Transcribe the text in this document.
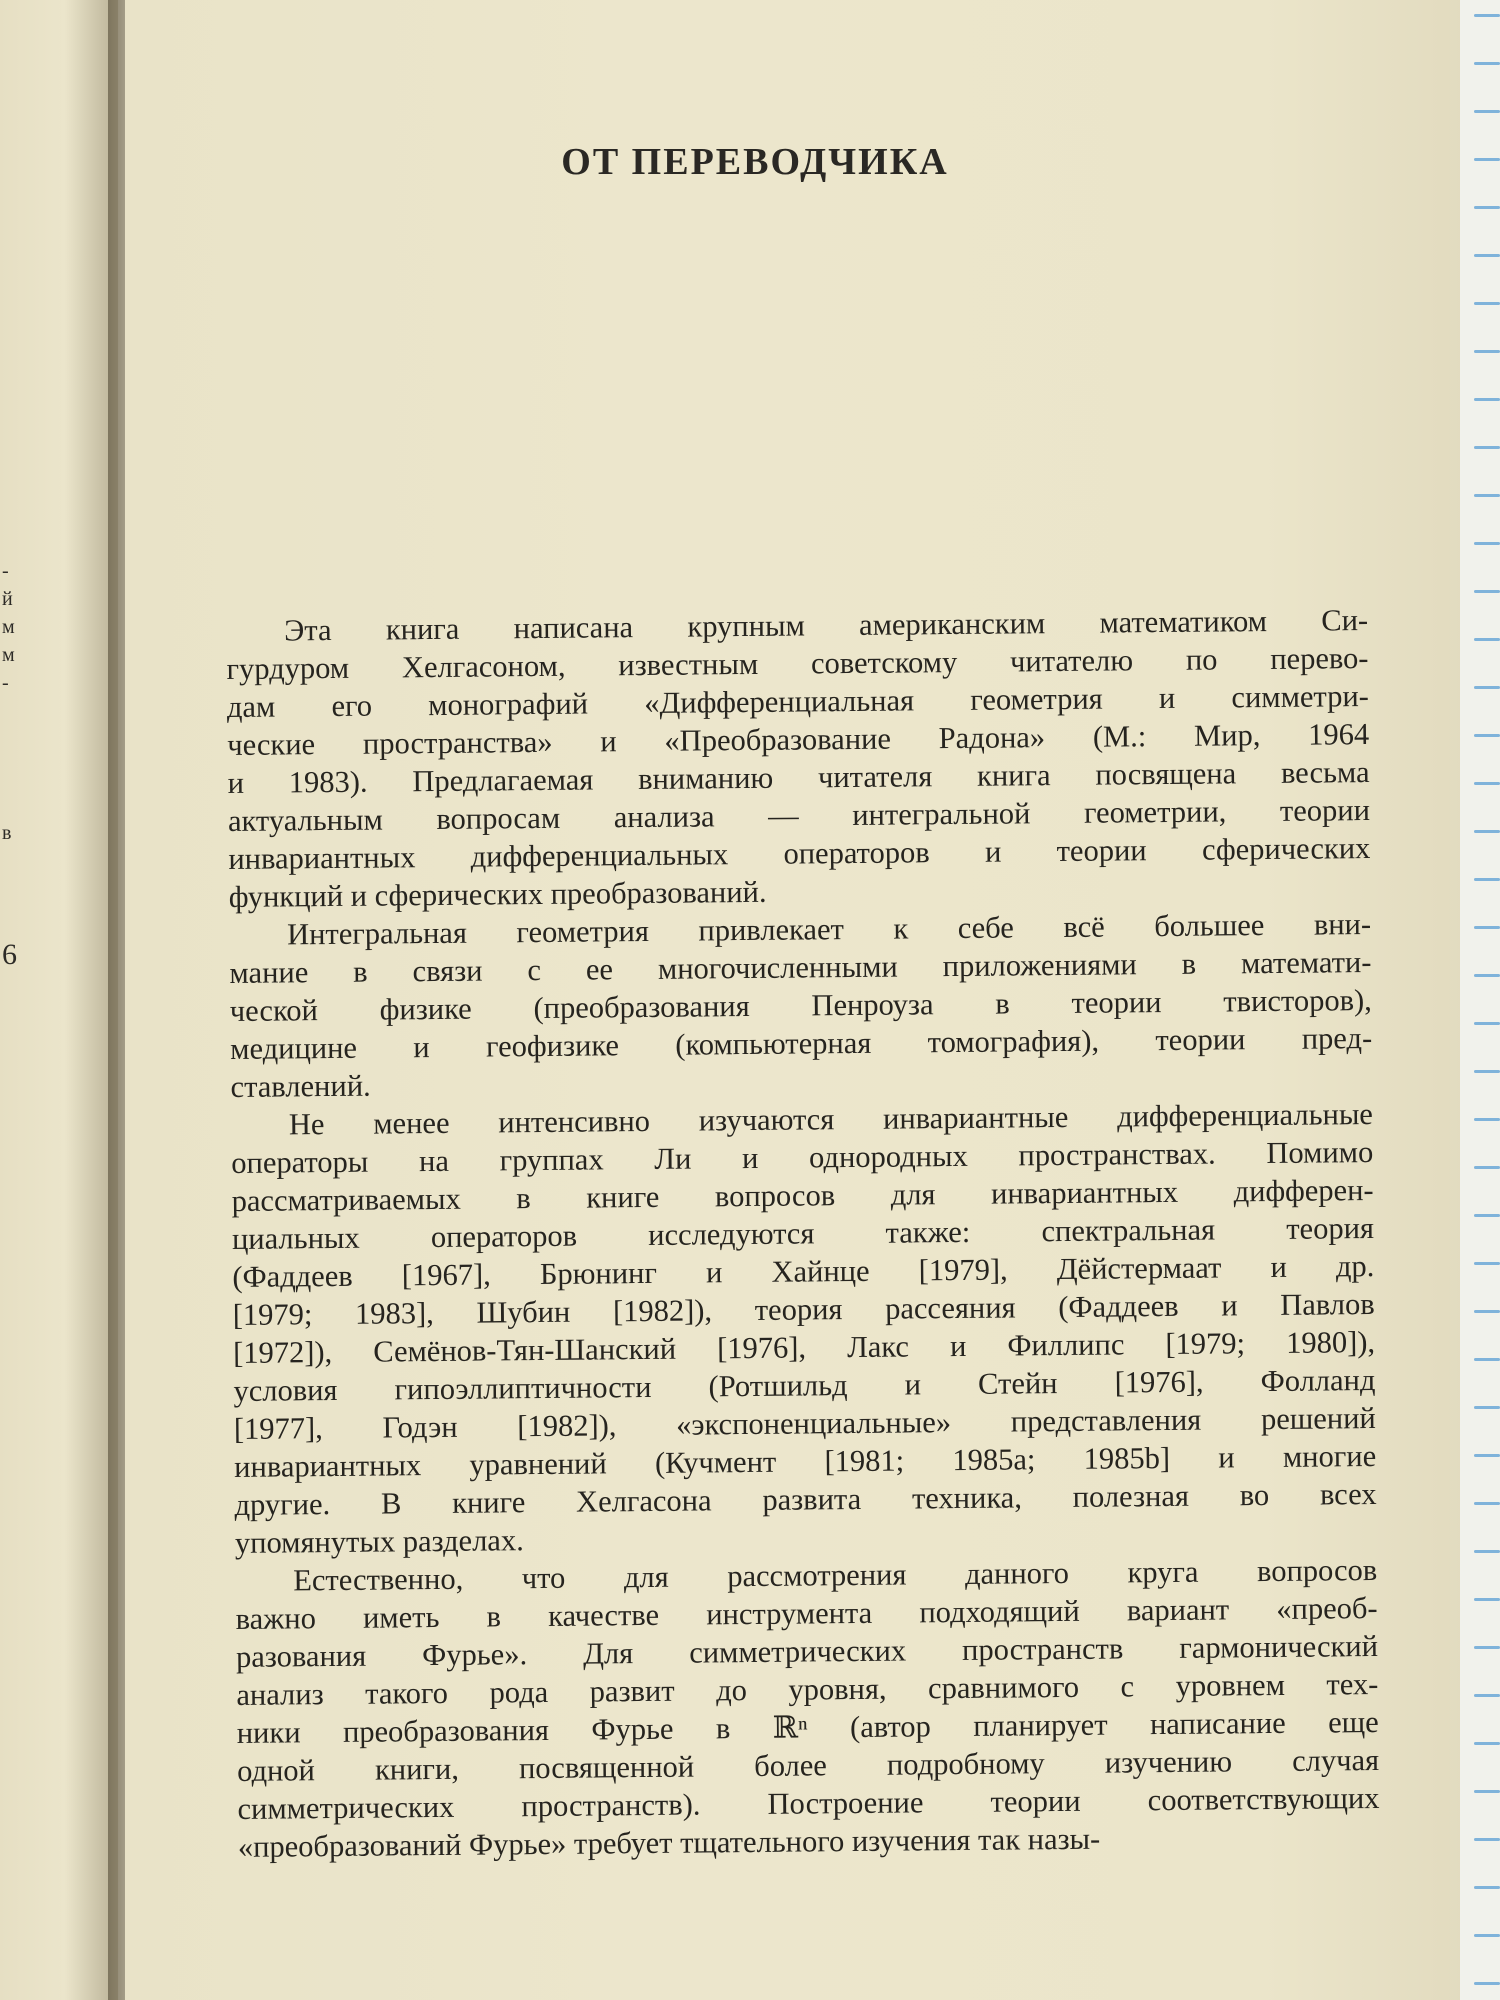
-
й
м
м
-
в
6
ОТ ПЕРЕВОДЧИКА
Эта книга написана крупным американским математиком Си-
гурдуром Хелгасоном, известным советскому читателю по перево-
дам его монографий «Дифференциальная геометрия и симметри-
ческие пространства» и «Преобразование Радона» (М.: Мир, 1964
и 1983). Предлагаемая вниманию читателя книга посвящена весьма
актуальным вопросам анализа — интегральной геометрии, теории
инвариантных дифференциальных операторов и теории сферических
функций и сферических преобразований.
Интегральная геометрия привлекает к себе всё большее вни-
мание в связи с ее многочисленными приложениями в математи-
ческой физике (преобразования Пенроуза в теории твисторов),
медицине и геофизике (компьютерная томография), теории пред-
ставлений.
Не менее интенсивно изучаются инвариантные дифференциальные
операторы на группах Ли и однородных пространствах. Помимо
рассматриваемых в книге вопросов для инвариантных дифферен-
циальных операторов исследуются также: спектральная теория
(Фаддеев [1967], Брюнинг и Хайнце [1979], Дёйстермаат и др.
[1979; 1983], Шубин [1982]), теория рассеяния (Фаддеев и Павлов
[1972]), Семёнов-Тян-Шанский [1976], Лакс и Филлипс [1979; 1980]),
условия гипоэллиптичности (Ротшильд и Стейн [1976], Фолланд
[1977], Годэн [1982]), «экспоненциальные» представления решений
инвариантных уравнений (Кучмент [1981; 1985a; 1985b] и многие
другие. В книге Хелгасона развита техника, полезная во всех
упомянутых разделах.
Естественно, что для рассмотрения данного круга вопросов
важно иметь в качестве инструмента подходящий вариант «преоб-
разования Фурье». Для симметрических пространств гармонический
анализ такого рода развит до уровня, сравнимого с уровнем тех-
ники преобразования Фурье в ℝⁿ (автор планирует написание еще
одной книги, посвященной более подробному изучению случая
симметрических пространств). Построение теории соответствующих
«преобразований Фурье» требует тщательного изучения так назы-
